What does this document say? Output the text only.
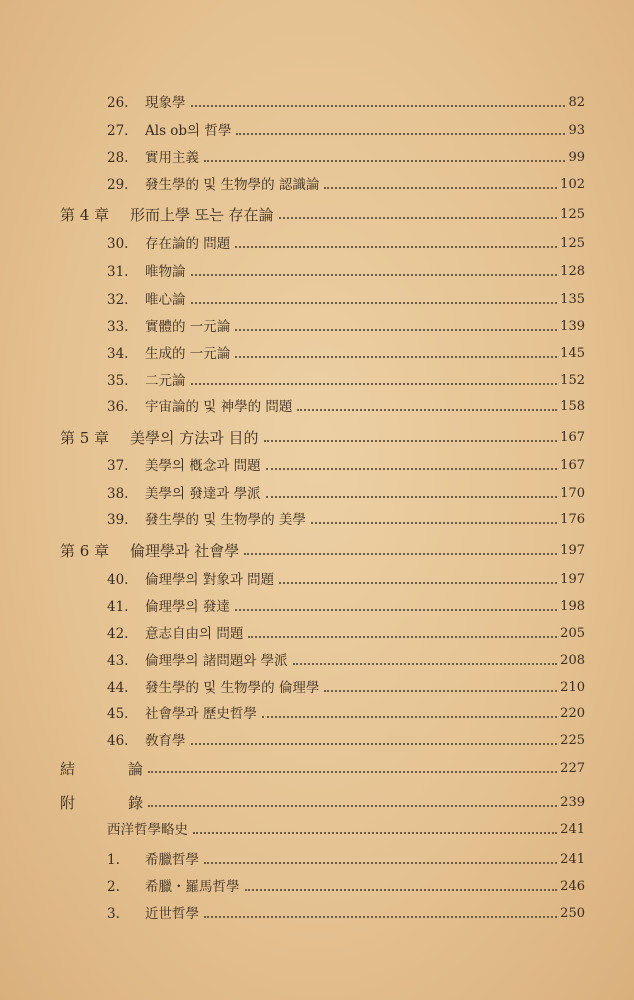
26.	現象學	82
27.	Als ob의 哲學	93
28.	實用主義	99
29.	發生學的 및 生物學的 認識論	102
第 4 章	形而上學 또는 存在論	125
30.	存在論的 問題	125
31.	唯物論	128
32.	唯心論	135
33.	實體的 一元論	139
34.	生成的 一元論	145
35.	二元論	152
36.	宇宙論的 및 神學的 問題	158
第 5 章	美學의 方法과 目的	167
37.	美學의 槪念과 問題	167
38.	美學의 發達과 學派	170
39.	發生學的 및 生物學的 美學	176
第 6 章	倫理學과 社會學	197
40.	倫理學의 對象과 問題	197
41.	倫理學의 發達	198
42.	意志自由의 問題	205
43.	倫理學의 諸問題와 學派	208
44.	發生學的 및 生物學的 倫理學	210
45.	社會學과 歷史哲學	220
46.	敎育學	225
結	論	227
附	錄	239
西洋哲學略史	241
1.	希臘哲學	241
2.	希臘・羅馬哲學	246
3.	近世哲學	250
